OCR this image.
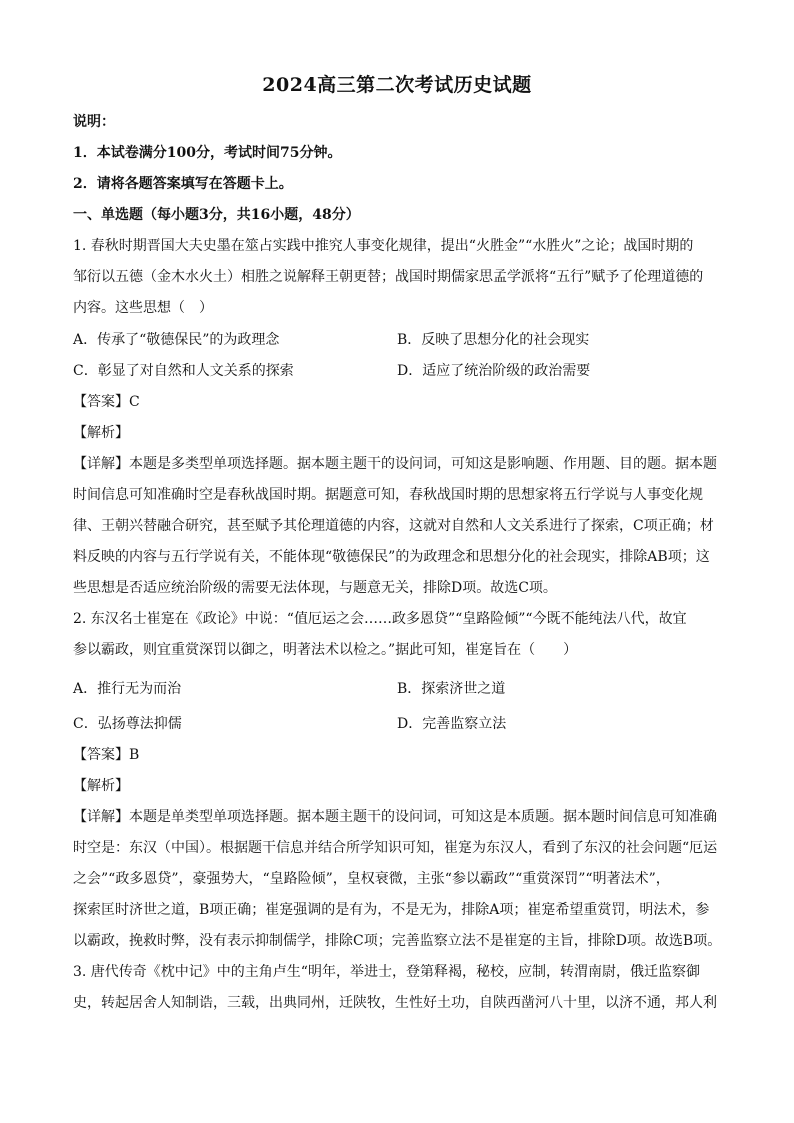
2024高三第二次考试历史试题
说明：
1．本试卷满分100分，考试时间75分钟。
2．请将各题答案填写在答题卡上。
一、单选题（每小题3分，共16小题，48分）
1. 春秋时期晋国大夫史墨在筮占实践中推究人事变化规律，提出“火胜金”“水胜火”之论；战国时期的
邹衍以五德（金木水火土）相胜之说解释王朝更替；战国时期儒家思孟学派将“五行”赋予了伦理道德的
内容。这些思想（　）
A．传承了“敬德保民”的为政理念	B．反映了思想分化的社会现实
C．彰显了对自然和人文关系的探索	D．适应了统治阶级的政治需要
【答案】C
【解析】
【详解】本题是多类型单项选择题。据本题主题干的设问词，可知这是影响题、作用题、目的题。据本题
时间信息可知准确时空是春秋战国时期。据题意可知，春秋战国时期的思想家将五行学说与人事变化规
律、王朝兴替融合研究，甚至赋予其伦理道德的内容，这就对自然和人文关系进行了探索，C项正确；材
料反映的内容与五行学说有关，不能体现“敬德保民”的为政理念和思想分化的社会现实，排除AB项；这
些思想是否适应统治阶级的需要无法体现，与题意无关，排除D项。故选C项。
2. 东汉名士崔寔在《政论》中说：“值厄运之会……政多恩贷”“皇路险倾”“今既不能纯法八代，故宜
参以霸政，则宜重赏深罚以御之，明著法术以检之。”据此可知，崔寔旨在（　　）
A．推行无为而治	B．探索济世之道
C．弘扬尊法抑儒	D．完善监察立法
【答案】B
【解析】
【详解】本题是单类型单项选择题。据本题主题干的设问词，可知这是本质题。据本题时间信息可知准确
时空是：东汉（中国）。根据题干信息并结合所学知识可知，崔寔为东汉人，看到了东汉的社会问题“厄运
之会”“政多恩贷”，豪强势大，“皇路险倾”，皇权衰微，主张“参以霸政”“重赏深罚”“明著法术”，
探索匡时济世之道，B项正确；崔寔强调的是有为，不是无为，排除A项；崔寔希望重赏罚，明法术，参
以霸政，挽救时弊，没有表示抑制儒学，排除C项；完善监察立法不是崔寔的主旨，排除D项。故选B项。
3. 唐代传奇《枕中记》中的主角卢生“明年，举进士，登第释褐，秘校，应制，转渭南尉，俄迁监察御
史，转起居舍人知制诰，三载，出典同州，迁陕牧，生性好土功，自陕西凿河八十里，以济不通，邦人利
